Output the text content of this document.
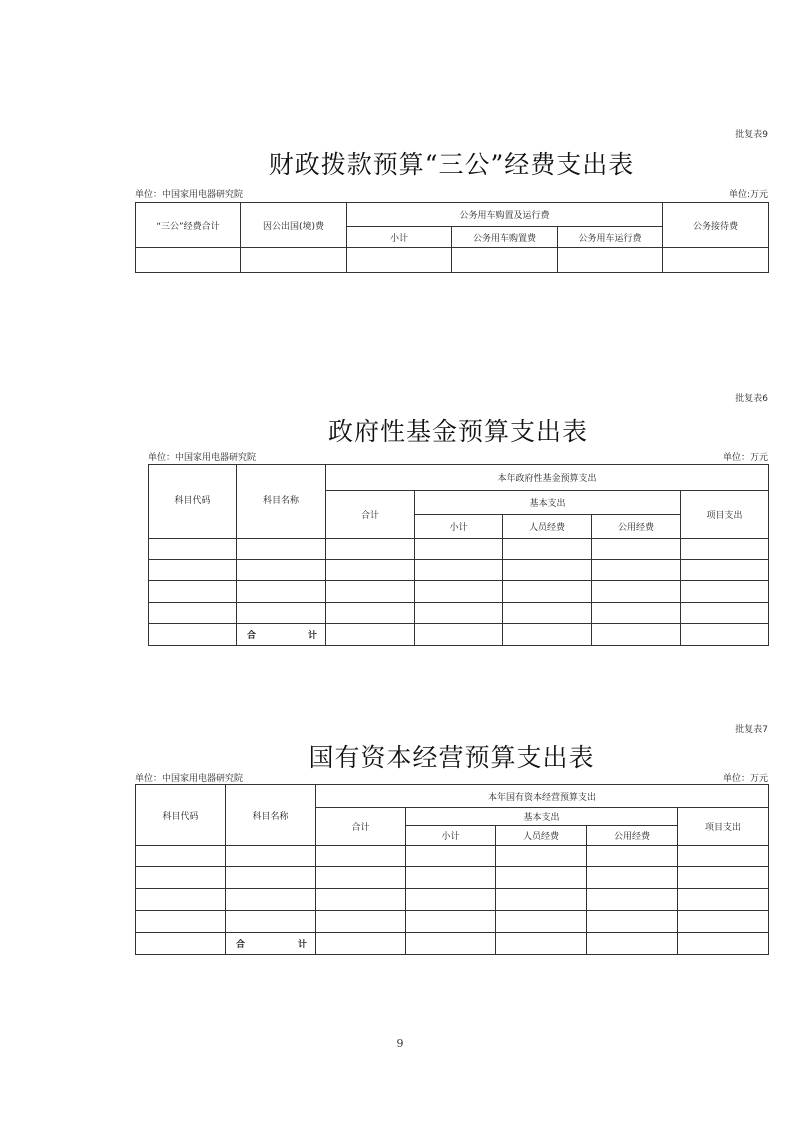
批复表9
财政拨款预算“三公”经费支出表
单位：中国家用电器研究院	单位:万元
“三公”经费合计	因公出国(境)费	公务用车购置及运行费			公务接待费
		小计	公务用车购置费	公务用车运行费	

批复表6
政府性基金预算支出表
单位：中国家用电器研究院	单位：万元
科目代码	科目名称	本年政府性基金预算支出				
		合计	基本支出			项目支出
			小计	人员经费	公用经费	

	合 计					

批复表7
国有资本经营预算支出表
单位：中国家用电器研究院	单位：万元
科目代码	科目名称	本年国有资本经营预算支出				
		合计	基本支出			项目支出
			小计	人员经费	公用经费	

	合 计					

9
